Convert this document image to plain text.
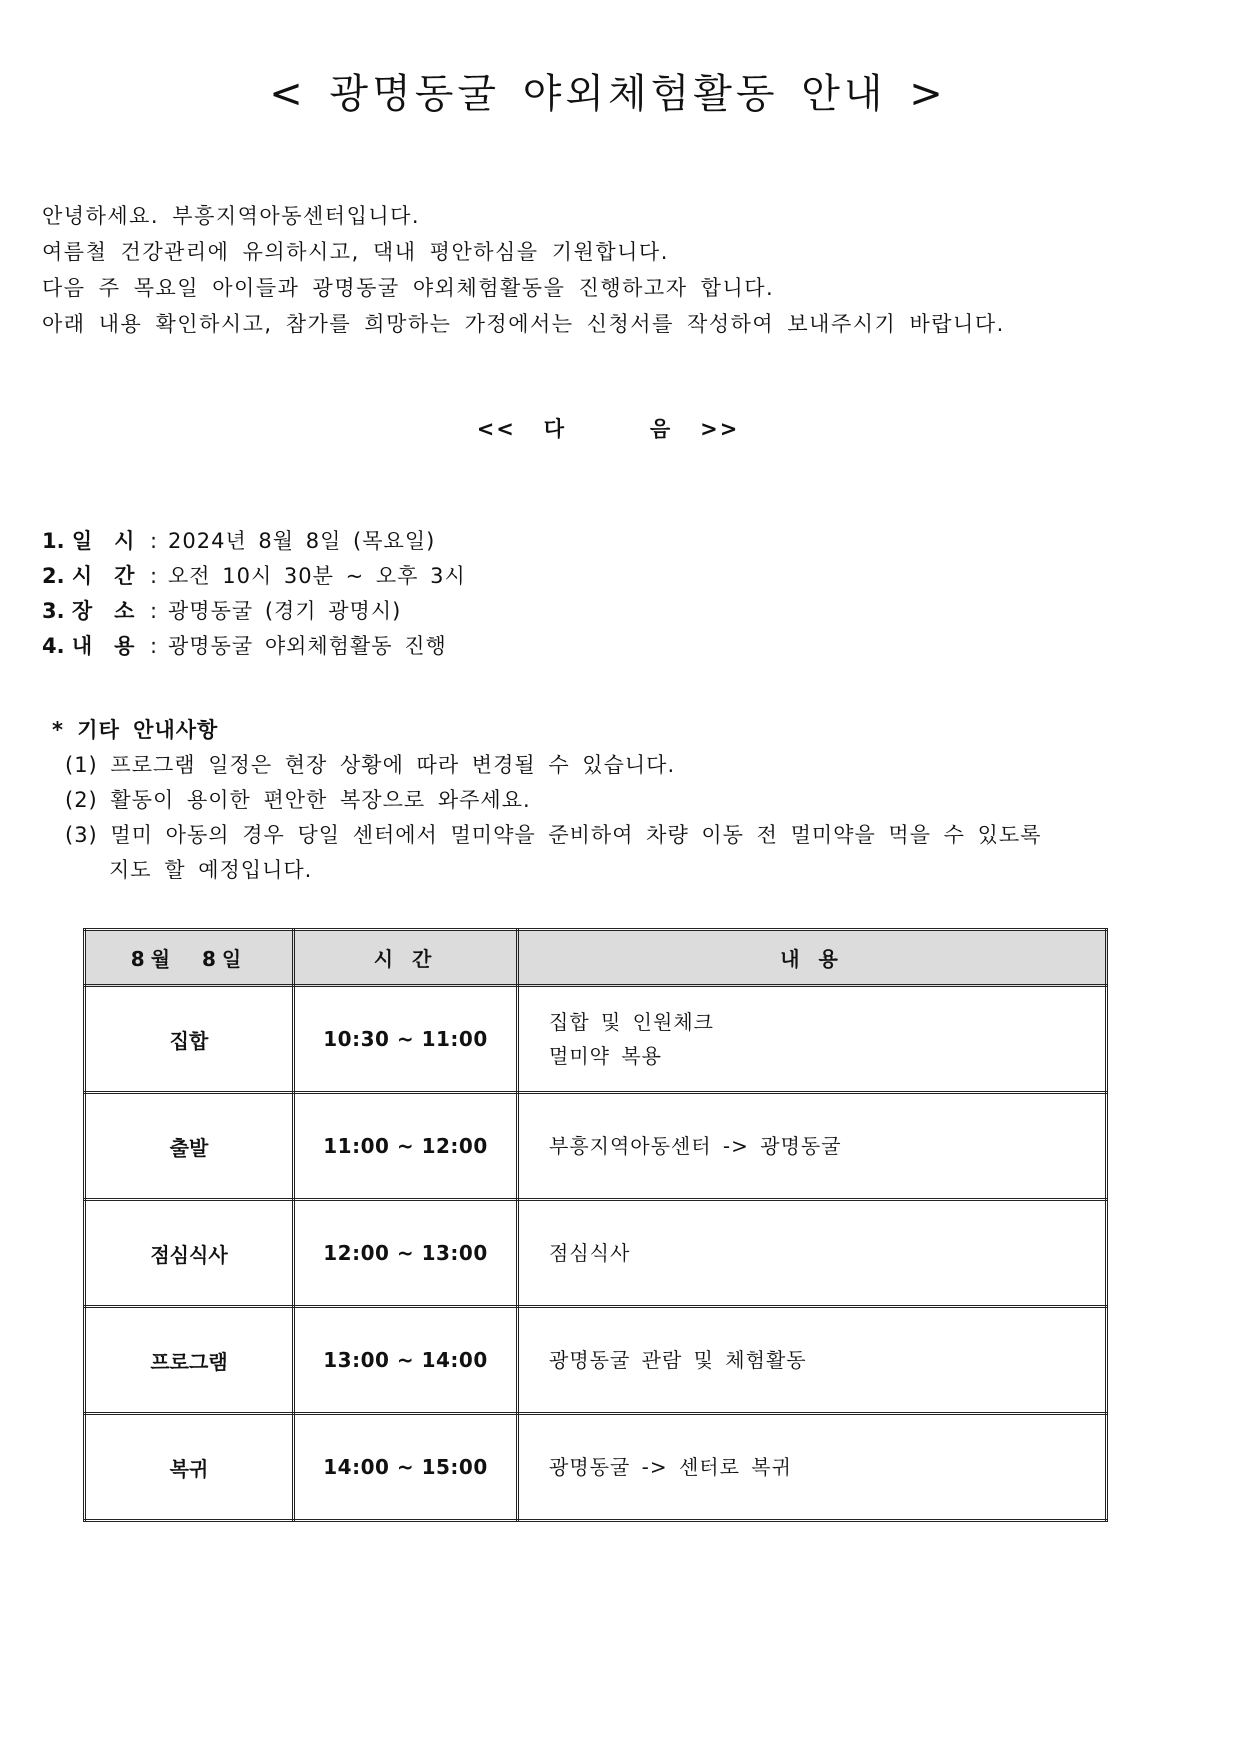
< 광명동굴 야외체험활동 안내 >
안녕하세요. 부흥지역아동센터입니다.
여름철 건강관리에 유의하시고, 댁내 평안하심을 기원합니다.
다음 주 목요일 아이들과 광명동굴 야외체험활동을 진행하고자 합니다.
아래 내용 확인하시고, 참가를 희망하는 가정에서는 신청서를 작성하여 보내주시기 바랍니다.
<<   다         음   >>
1. 일   시 : 2024년 8월 8일 (목요일)
2. 시   간 : 오전 10시 30분 ~ 오후 3시
3. 장   소 : 광명동굴 (경기 광명시)
4. 내   용 : 광명동굴 야외체험활동 진행
* 기타 안내사항
(1) 프로그램 일정은 현장 상황에 따라 변경될 수 있습니다.
(2) 활동이 용이한 편안한 복장으로 와주세요.
(3) 멀미 아동의 경우 당일 센터에서 멀미약을 준비하여 차량 이동 전 멀미약을 먹을 수 있도록
지도 할 예정입니다.
8월  8일	시 간	내 용
집합	10:30 ~ 11:00	집합 및 인원체크
멀미약 복용

출발	11:00 ~ 12:00	부흥지역아동센터 -> 광명동굴

점심식사	12:00 ~ 13:00	점심식사

프로그램	13:00 ~ 14:00	광명동굴 관람 및 체험활동

복귀	14:00 ~ 15:00	광명동굴 -> 센터로 복귀
